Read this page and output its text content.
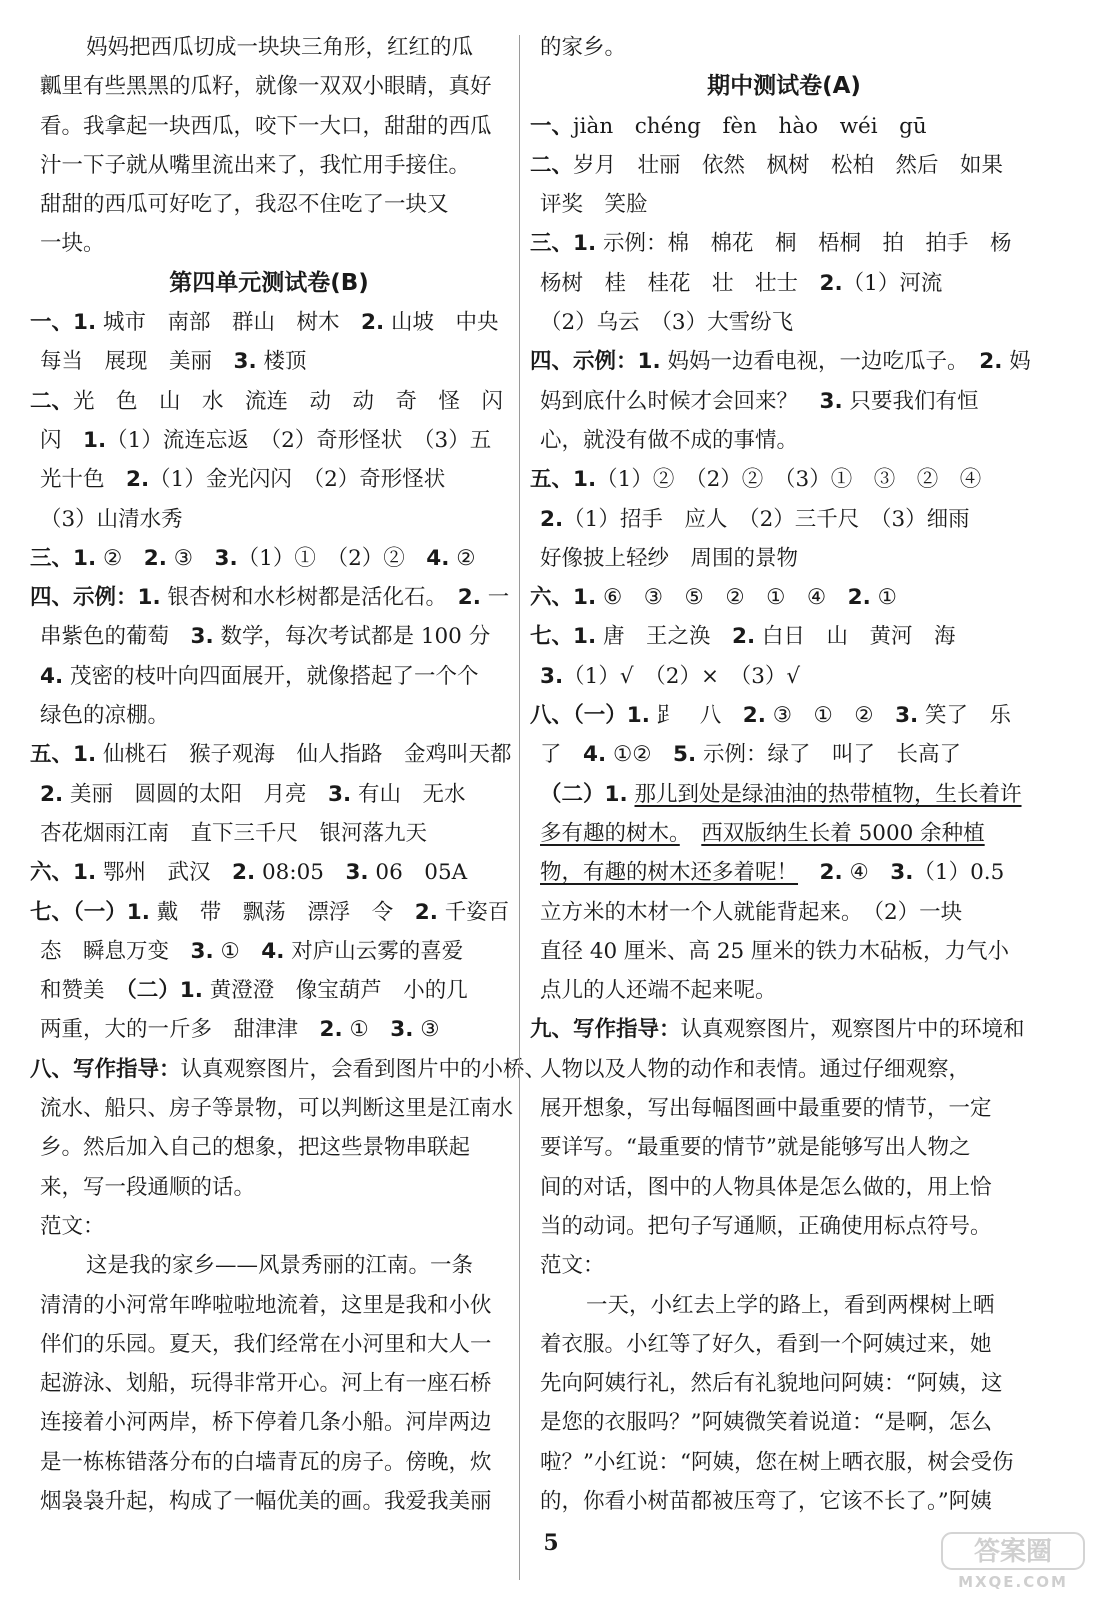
妈妈把西瓜切成一块块三角形，红红的瓜
瓤里有些黑黑的瓜籽，就像一双双小眼睛，真好
看。我拿起一块西瓜，咬下一大口，甜甜的西瓜
汁一下子就从嘴里流出来了，我忙用手接住。
甜甜的西瓜可好吃了，我忍不住吃了一块又
一块。
第四单元测试卷(B)
一、1. 城市　南部　群山　树木　2. 山坡　中央
每当　展现　美丽　3. 楼顶
二、光　色　山　水　流连　动　动　奇　怪　闪
闪　1.（1）流连忘返　（2）奇形怪状　（3）五
光十色　2.（1）金光闪闪　（2）奇形怪状
（3）山清水秀
三、1. ②　2. ③　3.（1）①　（2）②　4. ②
四、示例：1. 银杏树和水杉树都是活化石。　2. 一
串紫色的葡萄　3. 数学，每次考试都是 100 分
4. 茂密的枝叶向四面展开，就像搭起了一个个
绿色的凉棚。
五、1. 仙桃石　猴子观海　仙人指路　金鸡叫天都
2. 美丽　圆圆的太阳　月亮　3. 有山　无水
杏花烟雨江南　直下三千尺　银河落九天
六、1. 鄂州　武汉　2. 08:05　3. 06　05A
七、（一）1. 戴　带　飘荡　漂浮　令　2. 千姿百
态　瞬息万变　3. ①　4. 对庐山云雾的喜爱
和赞美　（二）1. 黄澄澄　像宝葫芦　小的几
两重，大的一斤多　甜津津　2. ①　3. ③
八、写作指导：认真观察图片，会看到图片中的小桥、
流水、船只、房子等景物，可以判断这里是江南水
乡。然后加入自己的想象，把这些景物串联起
来，写一段通顺的话。
范文：
这是我的家乡——风景秀丽的江南。一条
清清的小河常年哗啦啦地流着，这里是我和小伙
伴们的乐园。夏天，我们经常在小河里和大人一
起游泳、划船，玩得非常开心。河上有一座石桥
连接着小河两岸，桥下停着几条小船。河岸两边
是一栋栋错落分布的白墙青瓦的房子。傍晚，炊
烟袅袅升起，构成了一幅优美的画。我爱我美丽
的家乡。
期中测试卷(A)
一、jiàn　chéng　fèn　hào　wéi　gū
二、岁月　壮丽　依然　枫树　松柏　然后　如果
评奖　笑脸
三、1. 示例：棉　棉花　桐　梧桐　拍　拍手　杨
杨树　桂　桂花　壮　壮士　2.（1）河流
（2）乌云　（3）大雪纷飞
四、示例：1. 妈妈一边看电视，一边吃瓜子。　2. 妈
妈到底什么时候才会回来？　3. 只要我们有恒
心，就没有做不成的事情。
五、1.（1）②　（2）②　（3）①　③　②　④
2.（1）招手　应人　（2）三千尺　（3）细雨
好像披上轻纱　周围的景物
六、1. ⑥　③　⑤　②　①　④　2. ①
七、1. 唐　王之涣　2. 白日　山　黄河　海
3.（1）√　（2）×　（3）√
八、（一）1. 𧾷　八　2. ③　①　②　3. 笑了　乐
了　4. ①②　5. 示例：绿了　叫了　长高了
（二）1. 那儿到处是绿油油的热带植物，生长着许
多有趣的树木。　 西双版纳生长着 5000 余种植
物，有趣的树木还多着呢！　 2. ④　3.（1）0.5
立方米的木材一个人就能背起来。　（2）一块
直径 40 厘米、高 25 厘米的铁力木砧板，力气小
点儿的人还端不起来呢。
九、写作指导：认真观察图片，观察图片中的环境和
人物以及人物的动作和表情。通过仔细观察，
展开想象，写出每幅图画中最重要的情节，一定
要详写。“最重要的情节”就是能够写出人物之
间的对话，图中的人物具体是怎么做的，用上恰
当的动词。把句子写通顺，正确使用标点符号。
范文：
一天，小红去上学的路上，看到两棵树上晒
着衣服。小红等了好久，看到一个阿姨过来，她
先向阿姨行礼，然后有礼貌地问阿姨：“阿姨，这
是您的衣服吗？”阿姨微笑着说道：“是啊，怎么
啦？”小红说：“阿姨，您在树上晒衣服，树会受伤
的，你看小树苗都被压弯了，它该不长了。”阿姨
5	答案圈
MXQE.COM
